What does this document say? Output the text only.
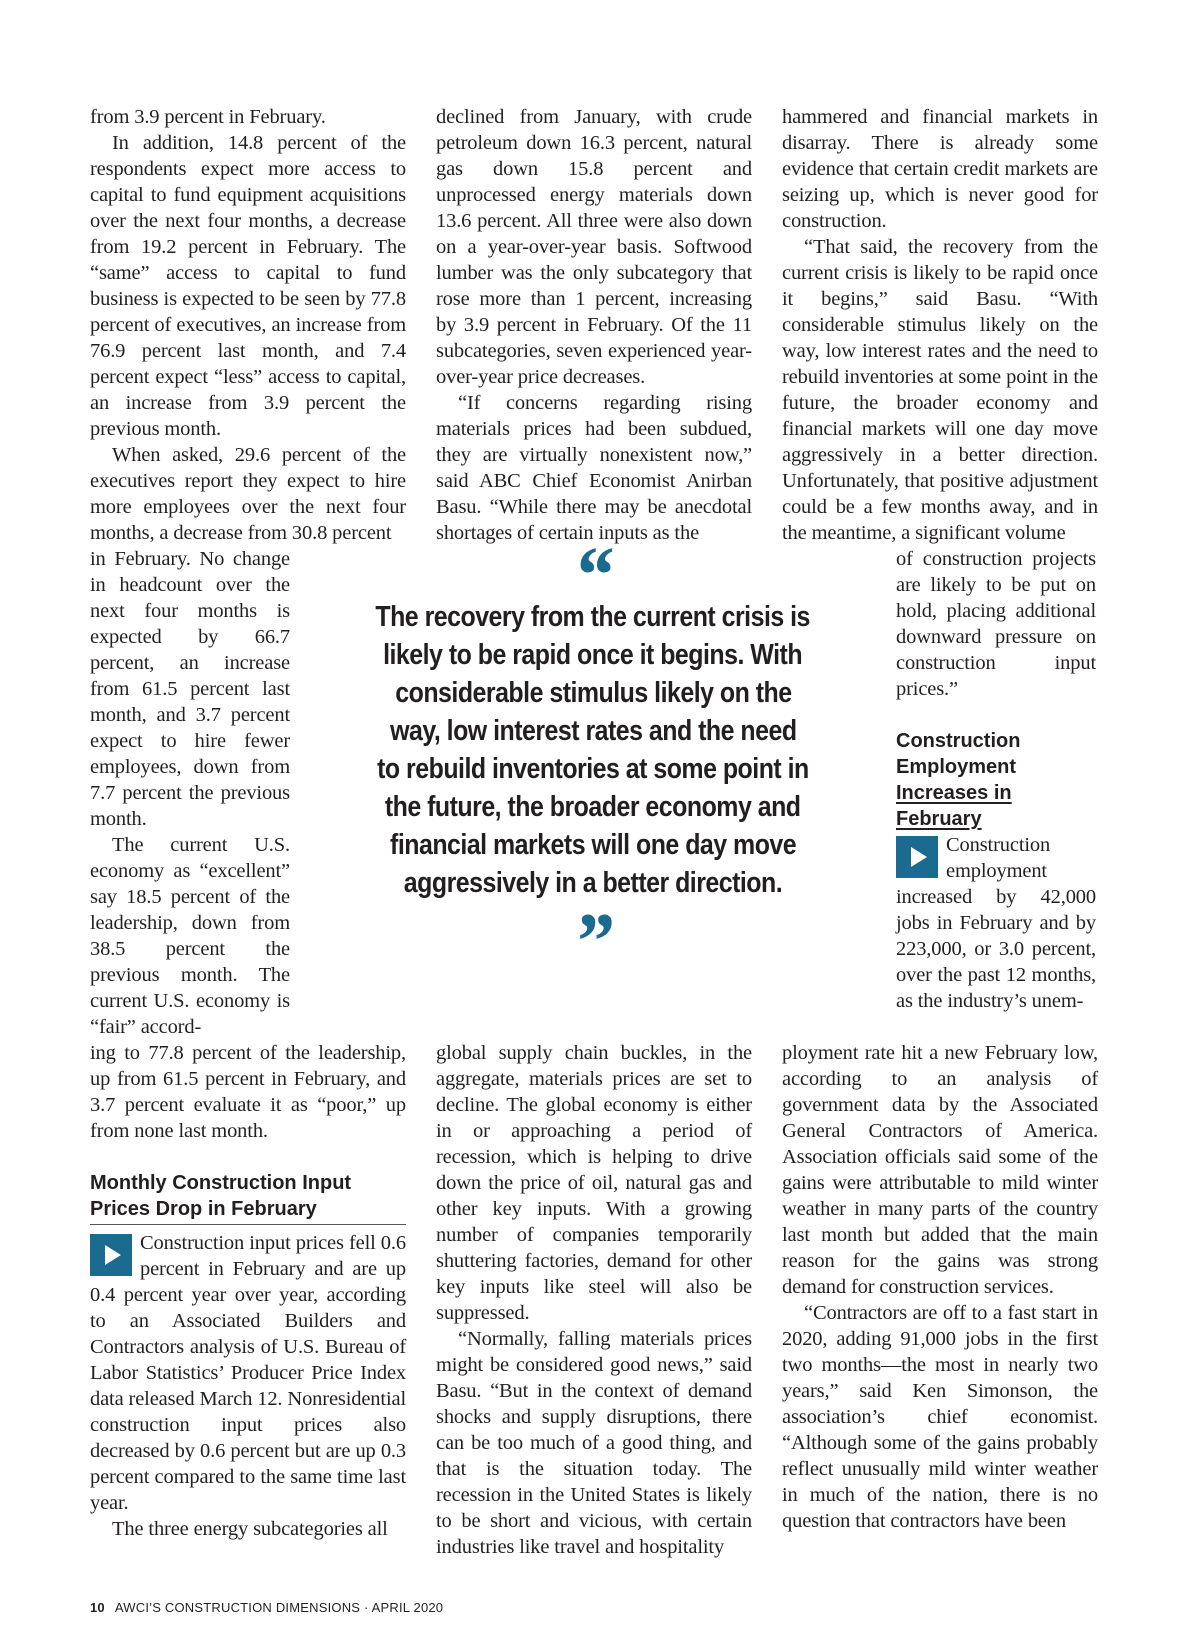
from 3.9 percent in February.

In addition, 14.8 percent of the respondents expect more access to capital to fund equipment acquisitions over the next four months, a decrease from 19.2 percent in February. The “same” access to capital to fund business is expected to be seen by 77.8 percent of executives, an increase from 76.9 percent last month, and 7.4 percent expect “less” access to capital, an increase from 3.9 percent the previous month.

When asked, 29.6 percent of the executives report they expect to hire more employees over the next four months, a decrease from 30.8 percent

declined from January, with crude petroleum down 16.3 percent, natural gas down 15.8 percent and unprocessed energy materials down 13.6 percent. All three were also down on a year-over-year basis. Softwood lumber was the only subcategory that rose more than 1 percent, increasing by 3.9 percent in February. Of the 11 subcategories, seven experienced year-over-year price decreases.

“If concerns regarding rising materials prices had been subdued, they are virtually nonexistent now,” said ABC Chief Economist Anirban Basu. “While there may be anecdotal shortages of certain inputs as the

hammered and financial markets in disarray. There is already some evidence that certain credit markets are seizing up, which is never good for construction.

“That said, the recovery from the current crisis is likely to be rapid once it begins,” said Basu. “With considerable stimulus likely on the way, low interest rates and the need to rebuild inventories at some point in the future, the broader economy and financial markets will one day move aggressively in a better direction. Unfortunately, that positive adjustment could be a few months away, and in the meantime, a significant volume

in February. No change in headcount over the next four months is expected by 66.7 percent, an increase from 61.5 percent last month, and 3.7 percent expect to hire fewer employees, down from 7.7 percent the previous month.

The current U.S. economy as “excellent” say 18.5 percent of the leadership, down from 38.5 percent the previous month. The current U.S. economy is “fair” accord-

“
The recovery from the current crisis is
likely to be rapid once it begins. With
considerable stimulus likely on the
way, low interest rates and the need
to rebuild inventories at some point in
the future, the broader economy and
financial markets will one day move
aggressively in a better direction.
”

of construction projects are likely to be put on hold, placing additional downward pressure on construction input prices.”

Construction
Employment
Increases in February

Construction employment increased by 42,000 jobs in February and by 223,000, or 3.0 percent, over the past 12 months, as the industry’s unem-

ing to 77.8 percent of the leadership, up from 61.5 percent in February, and 3.7 percent evaluate it as “poor,” up from none last month.

Monthly Construction Input
Prices Drop in February

Construction input prices fell 0.6 percent in February and are up 0.4 percent year over year, according to an Associated Builders and Contractors analysis of U.S. Bureau of Labor Statistics’ Producer Price Index data released March 12. Nonresidential construction input prices also decreased by 0.6 percent but are up 0.3 percent compared to the same time last year.

The three energy subcategories all

global supply chain buckles, in the aggregate, materials prices are set to decline. The global economy is either in or approaching a period of recession, which is helping to drive down the price of oil, natural gas and other key inputs. With a growing number of companies temporarily shuttering factories, demand for other key inputs like steel will also be suppressed.

“Normally, falling materials prices might be considered good news,” said Basu. “But in the context of demand shocks and supply disruptions, there can be too much of a good thing, and that is the situation today. The recession in the United States is likely to be short and vicious, with certain industries like travel and hospitality

ployment rate hit a new February low, according to an analysis of government data by the Associated General Contractors of America. Association officials said some of the gains were attributable to mild winter weather in many parts of the country last month but added that the main reason for the gains was strong demand for construction services.

“Contractors are off to a fast start in 2020, adding 91,000 jobs in the first two months—the most in nearly two years,” said Ken Simonson, the association’s chief economist. “Although some of the gains probably reflect unusually mild winter weather in much of the nation, there is no question that contractors have been

10 AWCI’S CONSTRUCTION DIMENSIONS · APRIL 2020
